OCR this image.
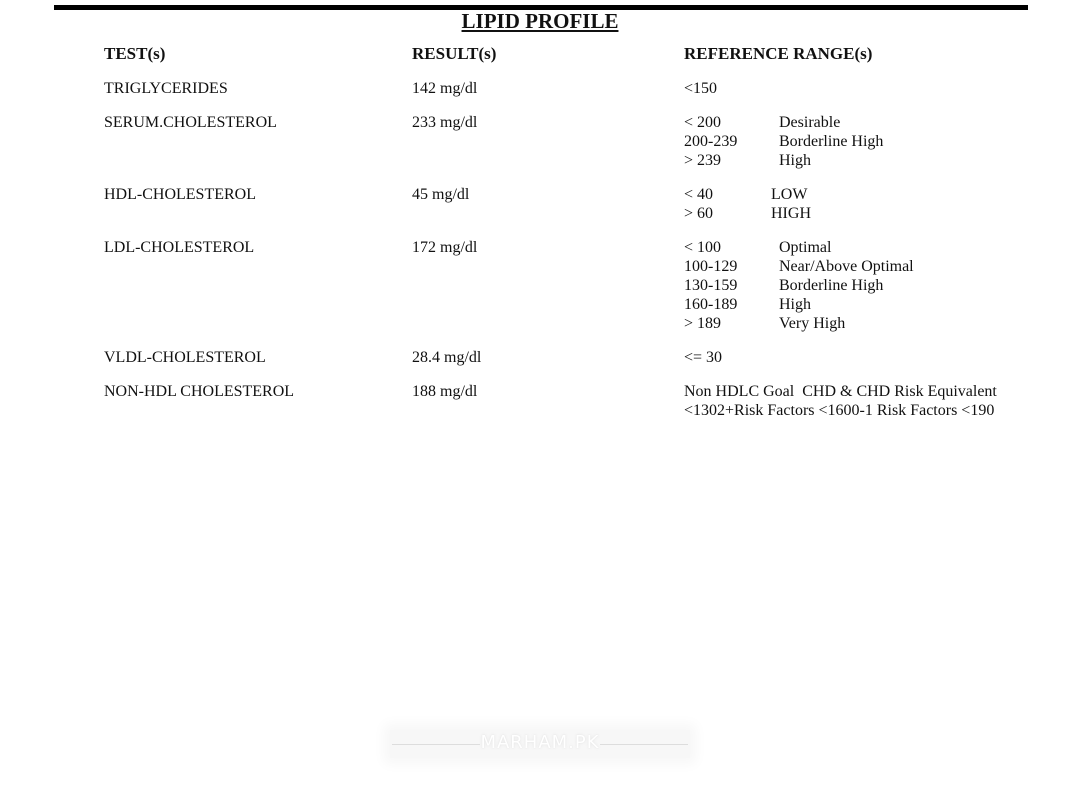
LIPID PROFILE
TEST(s)	RESULT(s)	REFERENCE RANGE(s)
TRIGLYCERIDES	142 mg/dl	<150
SERUM.CHOLESTEROL	233 mg/dl	< 200	Desirable
200-239	Borderline High
> 239	High
HDL-CHOLESTEROL	45 mg/dl	< 40	LOW
> 60	HIGH
LDL-CHOLESTEROL	172 mg/dl	< 100	Optimal
100-129	Near/Above Optimal
130-159	Borderline High
160-189	High
> 189	Very High
VLDL-CHOLESTEROL	28.4 mg/dl	<= 30
NON-HDL CHOLESTEROL	188 mg/dl	Non HDLC Goal  CHD & CHD Risk Equivalent
<1302+Risk Factors <1600-1 Risk Factors <190
MARHAM.PK
